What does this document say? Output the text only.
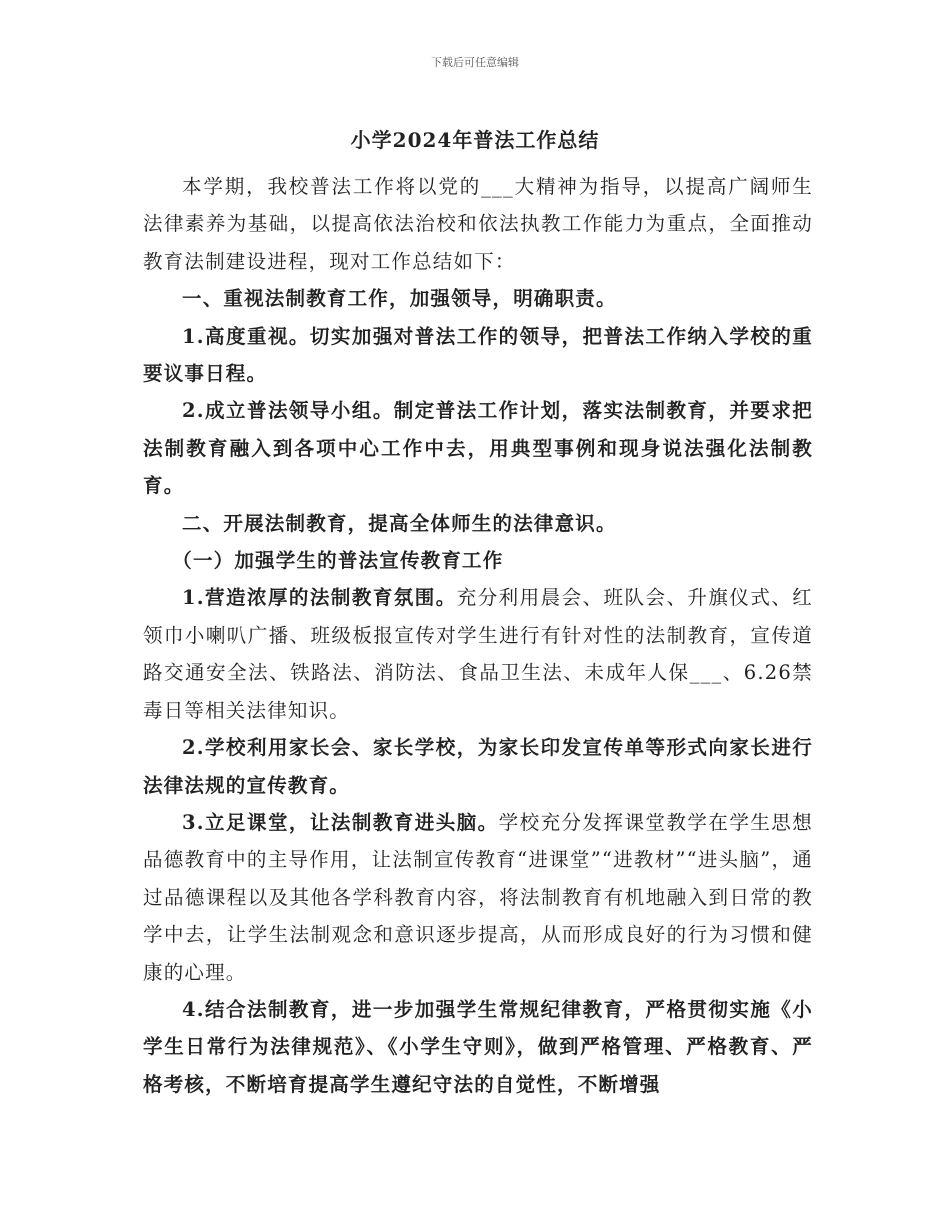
下载后可任意编辑
小学2024年普法工作总结

本学期，我校普法工作将以党的___大精神为指导，以提高广阔师生法律素养为基础，以提高依法治校和依法执教工作能力为重点，全面推动教育法制建设进程，现对工作总结如下：

一、重视法制教育工作，加强领导，明确职责。

1.高度重视。切实加强对普法工作的领导，把普法工作纳入学校的重要议事日程。

2.成立普法领导小组。制定普法工作计划，落实法制教育，并要求把法制教育融入到各项中心工作中去，用典型事例和现身说法强化法制教育。

二、开展法制教育，提高全体师生的法律意识。

（一）加强学生的普法宣传教育工作

1.营造浓厚的法制教育氛围。充分利用晨会、班队会、升旗仪式、红领巾小喇叭广播、班级板报宣传对学生进行有针对性的法制教育，宣传道路交通安全法、铁路法、消防法、食品卫生法、未成年人保___、6.26禁毒日等相关法律知识。

2.学校利用家长会、家长学校，为家长印发宣传单等形式向家长进行法律法规的宣传教育。

3.立足课堂，让法制教育进头脑。学校充分发挥课堂教学在学生思想品德教育中的主导作用，让法制宣传教育“进课堂”“进教材”“进头脑”，通过品德课程以及其他各学科教育内容，将法制教育有机地融入到日常的教学中去，让学生法制观念和意识逐步提高，从而形成良好的行为习惯和健康的心理。

4.结合法制教育，进一步加强学生常规纪律教育，严格贯彻实施《小学生日常行为法律规范》、《小学生守则》，做到严格管理、严格教育、严格考核，不断培育提高学生遵纪守法的自觉性，不断增强
